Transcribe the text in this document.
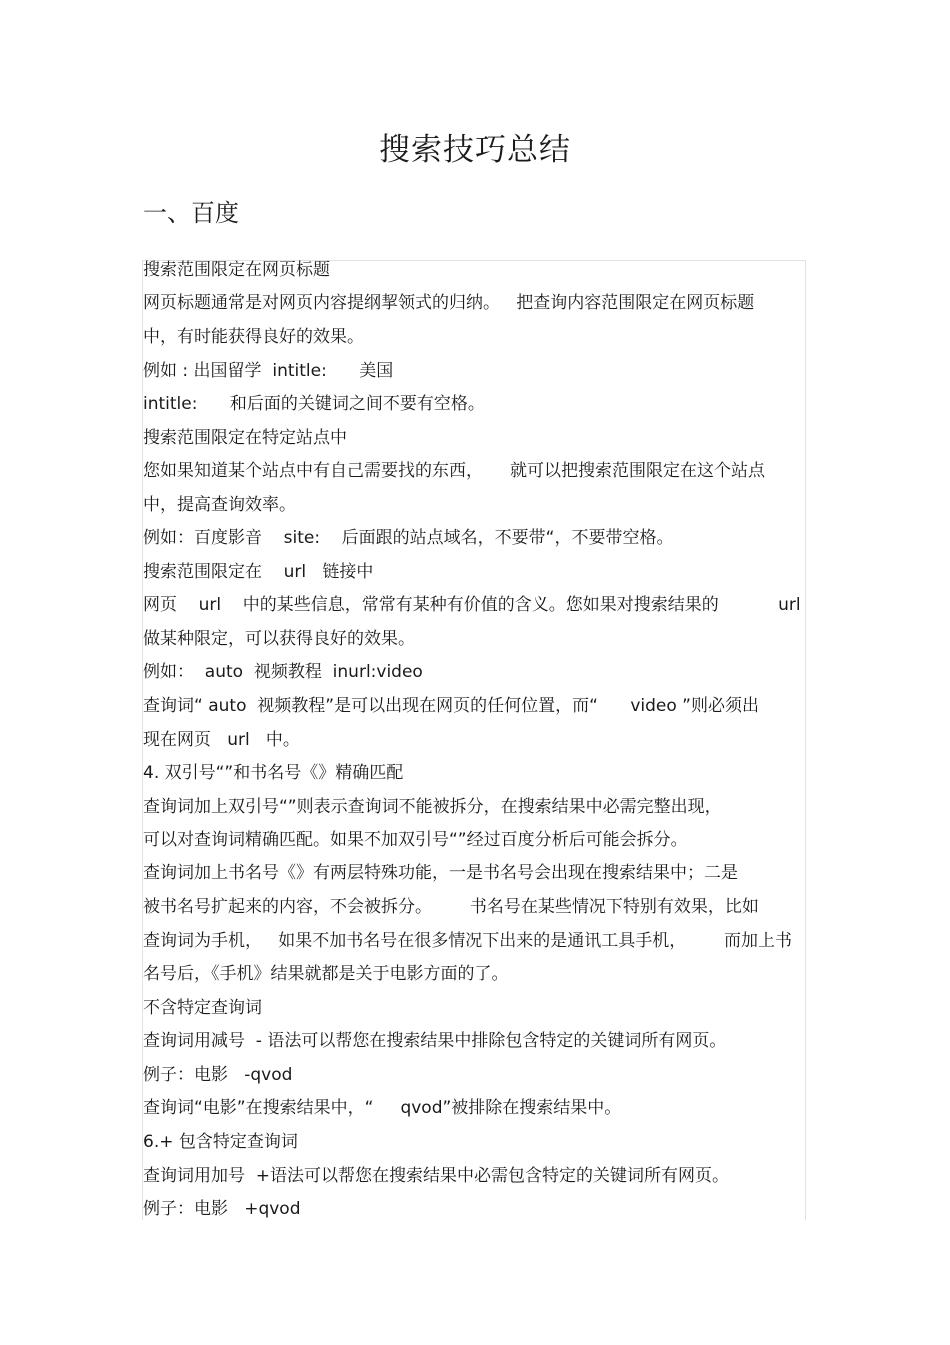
搜索技巧总结
一、百度
搜索范围限定在网页标题
网页标题通常是对网页内容提纲挈领式的归纳。   把查询内容范围限定在网页标题
中，有时能获得良好的效果。
例如 : 出国留学  intitle:      美国
intitle:      和后面的关键词之间不要有空格。
搜索范围限定在特定站点中
您如果知道某个站点中有自己需要找的东西，     就可以把搜索范围限定在这个站点
中，提高查询效率。
例如：百度影音    site:    后面跟的站点域名，不要带“，不要带空格。
搜索范围限定在    url   链接中
网页    url    中的某些信息，常常有某种有价值的含义。您如果对搜索结果的           url
做某种限定，可以获得良好的效果。
例如：  auto  视频教程  inurl:video
查询词“ auto  视频教程”是可以出现在网页的任何位置，而“      video ”则必须出
现在网页   url   中。
4. 双引号“”和书名号《》精确匹配
查询词加上双引号“”则表示查询词不能被拆分，在搜索结果中必需完整出现，
可以对查询词精确匹配。如果不加双引号“”经过百度分析后可能会拆分。
查询词加上书名号《》有两层特殊功能，一是书名号会出现在搜索结果中；二是
被书名号扩起来的内容，不会被拆分。       书名号在某些情况下特别有效果，比如
查询词为手机，   如果不加书名号在很多情况下出来的是通讯工具手机，       而加上书
名号后，《手机》结果就都是关于电影方面的了。
不含特定查询词
查询词用减号  - 语法可以帮您在搜索结果中排除包含特定的关键词所有网页。
例子：电影   -qvod
查询词“电影”在搜索结果中，“     qvod”被排除在搜索结果中。
6.+ 包含特定查询词
查询词用加号  +语法可以帮您在搜索结果中必需包含特定的关键词所有网页。
例子：电影   +qvod
